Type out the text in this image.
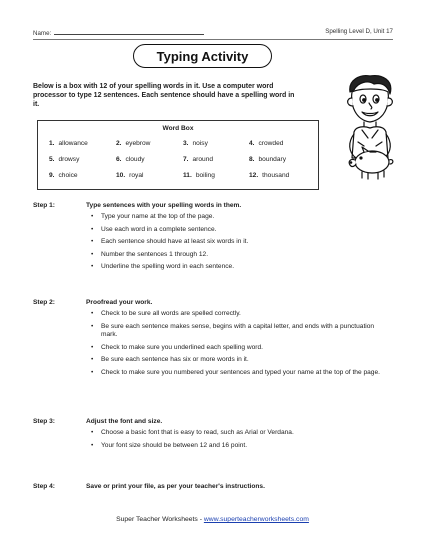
Name:	Spelling Level D, Unit 17
Typing Activity
Below is a box with 12 of your spelling words in it. Use a computer word processor to type 12 sentences. Each sentence should have a spelling word in it.
Word Box
1. allowance	2. eyebrow	3. noisy	4. crowded
5. drowsy	6. cloudy	7. around	8. boundary
9. choice	10. royal	11. boiling	12. thousand
Step 1:	Type sentences with your spelling words in them.
• Type your name at the top of the page.
• Use each word in a complete sentence.
• Each sentence should have at least six words in it.
• Number the sentences 1 through 12.
• Underline the spelling word in each sentence.
Step 2:	Proofread your work.
• Check to be sure all words are spelled correctly.
• Be sure each sentence makes sense, begins with a capital letter, and ends with a punctuation mark.
• Check to make sure you underlined each spelling word.
• Be sure each sentence has six or more words in it.
• Check to make sure you numbered your sentences and typed your name at the top of the page.
Step 3:	Adjust the font and size.
• Choose a basic font that is easy to read, such as Arial or Verdana.
• Your font size should be between 12 and 16 point.
Step 4:	Save or print your file, as per your teacher's instructions.
Super Teacher Worksheets - www.superteacherworksheets.com
